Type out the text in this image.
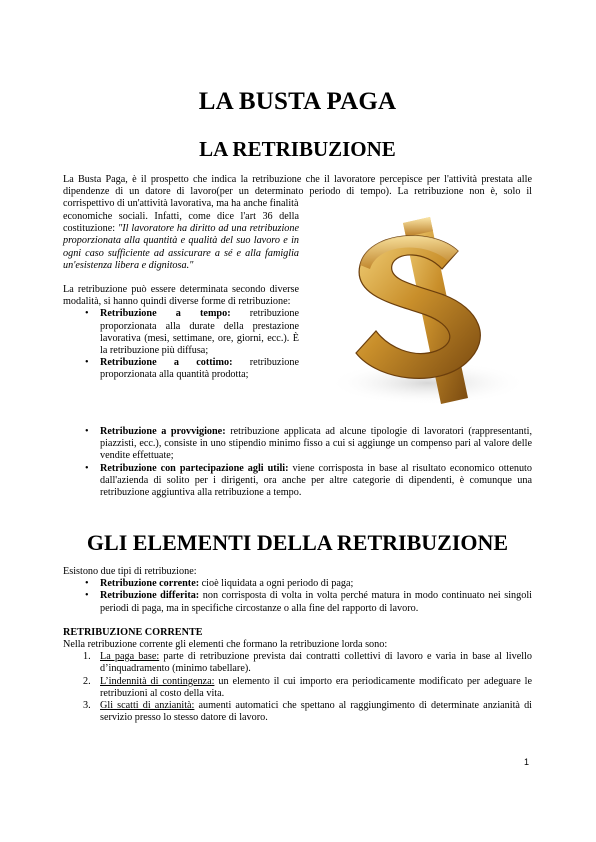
LA BUSTA PAGA
LA RETRIBUZIONE

La Busta Paga, è il prospetto che indica la retribuzione che il lavoratore percepisce per l'attività prestata alle dipendenze di un datore di lavoro(per un determinato periodo di tempo). La retribuzione non è, solo il corrispettivo di un'attività lavorativa, ma ha anche finalità

economiche sociali. Infatti, come dice l'art 36 della costituzione: "Il lavoratore ha diritto ad una retribuzione proporzionata alla quantità e qualità del suo lavoro e in ogni caso sufficiente ad assicurare a sé e alla famiglia un'esistenza libera e dignitosa."

La retribuzione può essere determinata secondo diverse modalità, si hanno quindi diverse forme di retribuzione:

• Retribuzione a tempo: retribuzione proporzionata alla durate della prestazione lavorativa (mesi, settimane, ore, giorni, ecc.). È la retribuzione più diffusa;
• Retribuzione a cottimo: retribuzione proporzionata alla quantità prodotta;
• Retribuzione a provvigione: retribuzione applicata ad alcune tipologie di lavoratori (rappresentanti, piazzisti, ecc.), consiste in uno stipendio minimo fisso a cui si aggiunge un compenso pari al valore delle vendite effettuate;
• Retribuzione con partecipazione agli utili: viene corrisposta in base al risultato economico ottenuto dall'azienda di solito per i dirigenti, ora anche per altre categorie di dipendenti, è comunque una retribuzione aggiuntiva alla retribuzione a tempo.
GLI ELEMENTI DELLA RETRIBUZIONE

Esistono due tipi di retribuzione:

• Retribuzione corrente: cioè liquidata a ogni periodo di paga;
• Retribuzione differita: non corrisposta di volta in volta perché matura in modo continuato nei singoli periodi di paga, ma in specifiche circostanze o alla fine del rapporto di lavoro.

RETRIBUZIONE CORRENTE

Nella retribuzione corrente gli elementi che formano la retribuzione lorda sono:

1. La paga base: parte di retribuzione prevista dai contratti collettivi di lavoro e varia in base al livello d’inquadramento (minimo tabellare).
2. L’indennità di contingenza: un elemento il cui importo era periodicamente modificato per adeguare le retribuzioni al costo della vita.
3. Gli scatti di anzianità: aumenti automatici che spettano al raggiungimento di determinate anzianità di servizio presso lo stesso datore di lavoro.
1
